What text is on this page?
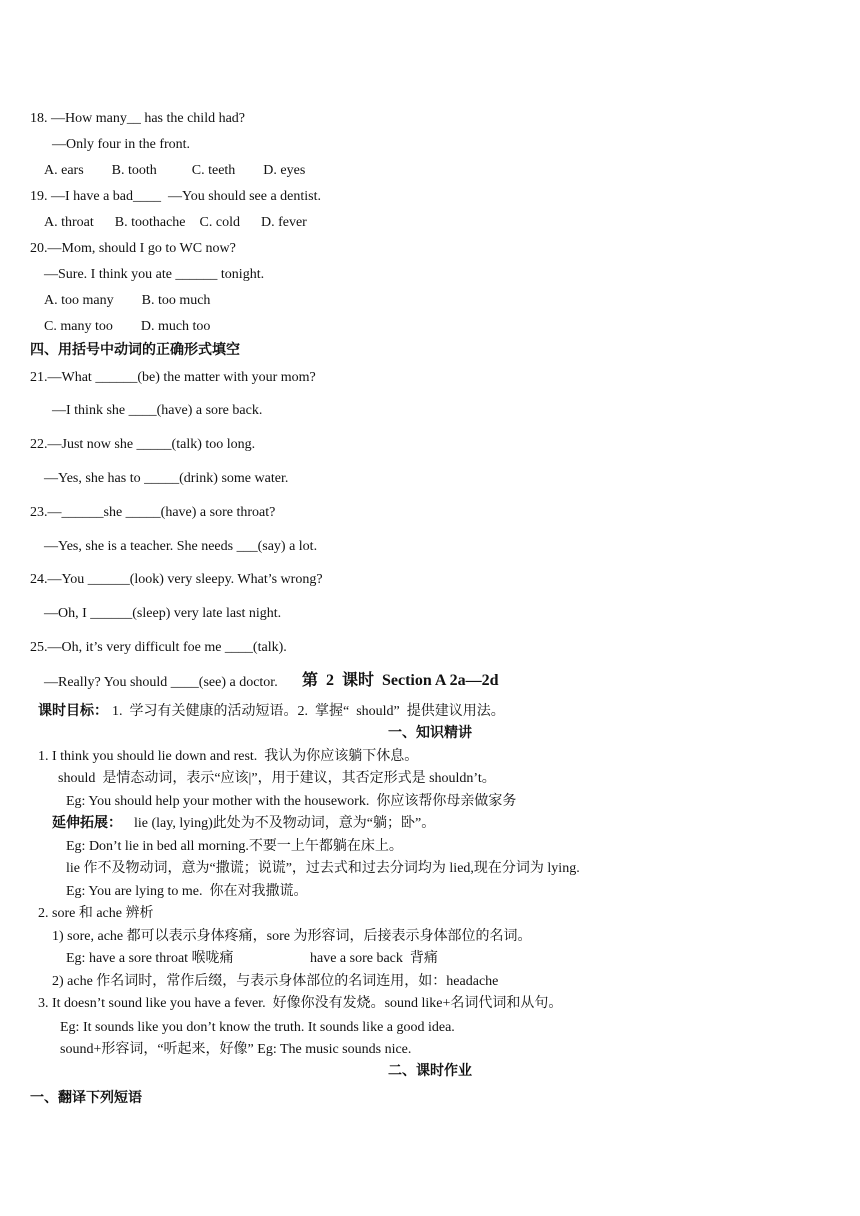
18. —How many__ has the child had?
—Only four in the front.
A. ears        B. tooth          C. teeth        D. eyes
19. —I have a bad____  —You should see a dentist.
A. throat      B. toothache    C. cold      D. fever
20.—Mom, should I go to WC now?
—Sure. I think you ate ______ tonight.
A. too many        B. too much
C. many too        D. much too
四、用括号中动词的正确形式填空
21.—What ______(be) the matter with your mom?
—I think she ____(have) a sore back.
22.—Just now she _____(talk) too long.
—Yes, she has to _____(drink) some water.
23.—______she _____(have) a sore throat?
—Yes, she is a teacher. She needs ___(say) a lot.
24.—You ______(look) very sleepy. What’s wrong?
—Oh, I ______(sleep) very late last night.
25.—Oh, it’s very difficult foe me ____(talk).
—Really? You should ____(see) a doctor. 第  2  课时  Section A 2a—2d
课时目标： 1.  学习有关健康的活动短语。2.  掌握“  should”  提供建议用法。
一、知识精讲
1. I think you should lie down and rest.  我认为你应该躺下休息。
should  是情态动词，表示“应该|”，用于建议，其否定形式是 shouldn’t。
Eg: You should help your mother with the housework.  你应该帮你母亲做家务
延伸拓展： lie (lay, lying)此处为不及物动词，意为“躺；卧”。
Eg: Don’t lie in bed all morning.不要一上午都躺在床上。
lie 作不及物动词，意为“撒谎；说谎”，过去式和过去分词均为 lied,现在分词为 lying.
Eg: You are lying to me.  你在对我撒谎。
2. sore 和 ache 辨析
1) sore, ache 都可以表示身体疼痛，sore 为形容词，后接表示身体部位的名词。
Eg: have a sore throat 喉咙痛	have a sore back  背痛
2) ache 作名词时，常作后缀，与表示身体部位的名词连用，如：headache
3. It doesn’t sound like you have a fever.  好像你没有发烧。sound like+名词代词和从句。
Eg: It sounds like you don’t know the truth. It sounds like a good idea.
sound+形容词，“听起来，好像” Eg: The music sounds nice.
二、课时作业
一、翻译下列短语
